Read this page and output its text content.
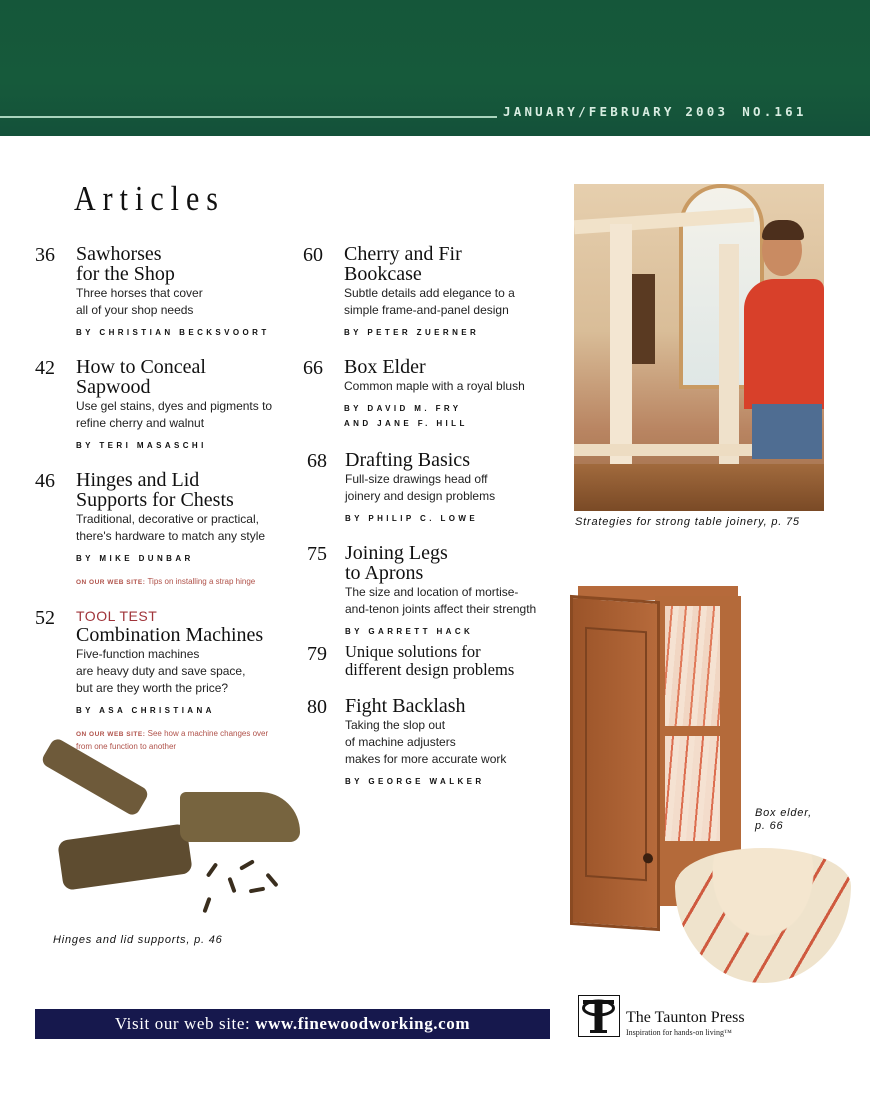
JANUARY/FEBRUARY 2003 NO.161
Articles
36 Sawhorses
for the Shop
Three horses that cover
all of your shop needs
BY CHRISTIAN BECKSVOORT
42 How to Conceal
Sapwood
Use gel stains, dyes and pigments to
refine cherry and walnut
BY TERI MASASCHI
46 Hinges and Lid
Supports for Chests
Traditional, decorative or practical,
there's hardware to match any style
BY MIKE DUNBAR
ON OUR WEB SITE: Tips on installing a strap hinge
52 TOOL TEST
Combination Machines
Five-function machines
are heavy duty and save space,
but are they worth the price?
BY ASA CHRISTIANA
ON OUR WEB SITE: See how a machine changes over
from one function to another
60 Cherry and Fir
Bookcase
Subtle details add elegance to a
simple frame-and-panel design
BY PETER ZUERNER
66 Box Elder
Common maple with a royal blush
BY DAVID M. FRY
AND JANE F. HILL
68 Drafting Basics
Full-size drawings head off
joinery and design problems
BY PHILIP C. LOWE
75 Joining Legs
to Aprons
The size and location of mortise-
and-tenon joints affect their strength
BY GARRETT HACK
79 Unique solutions for
different design problems
80 Fight Backlash
Taking the slop out
of machine adjusters
makes for more accurate work
BY GEORGE WALKER
Strategies for strong table joinery, p. 75
Box elder,
p. 66
Hinges and lid supports, p. 46
Visit our web site: www.finewoodworking.com	The Taunton Press
Inspiration for hands-on living™
